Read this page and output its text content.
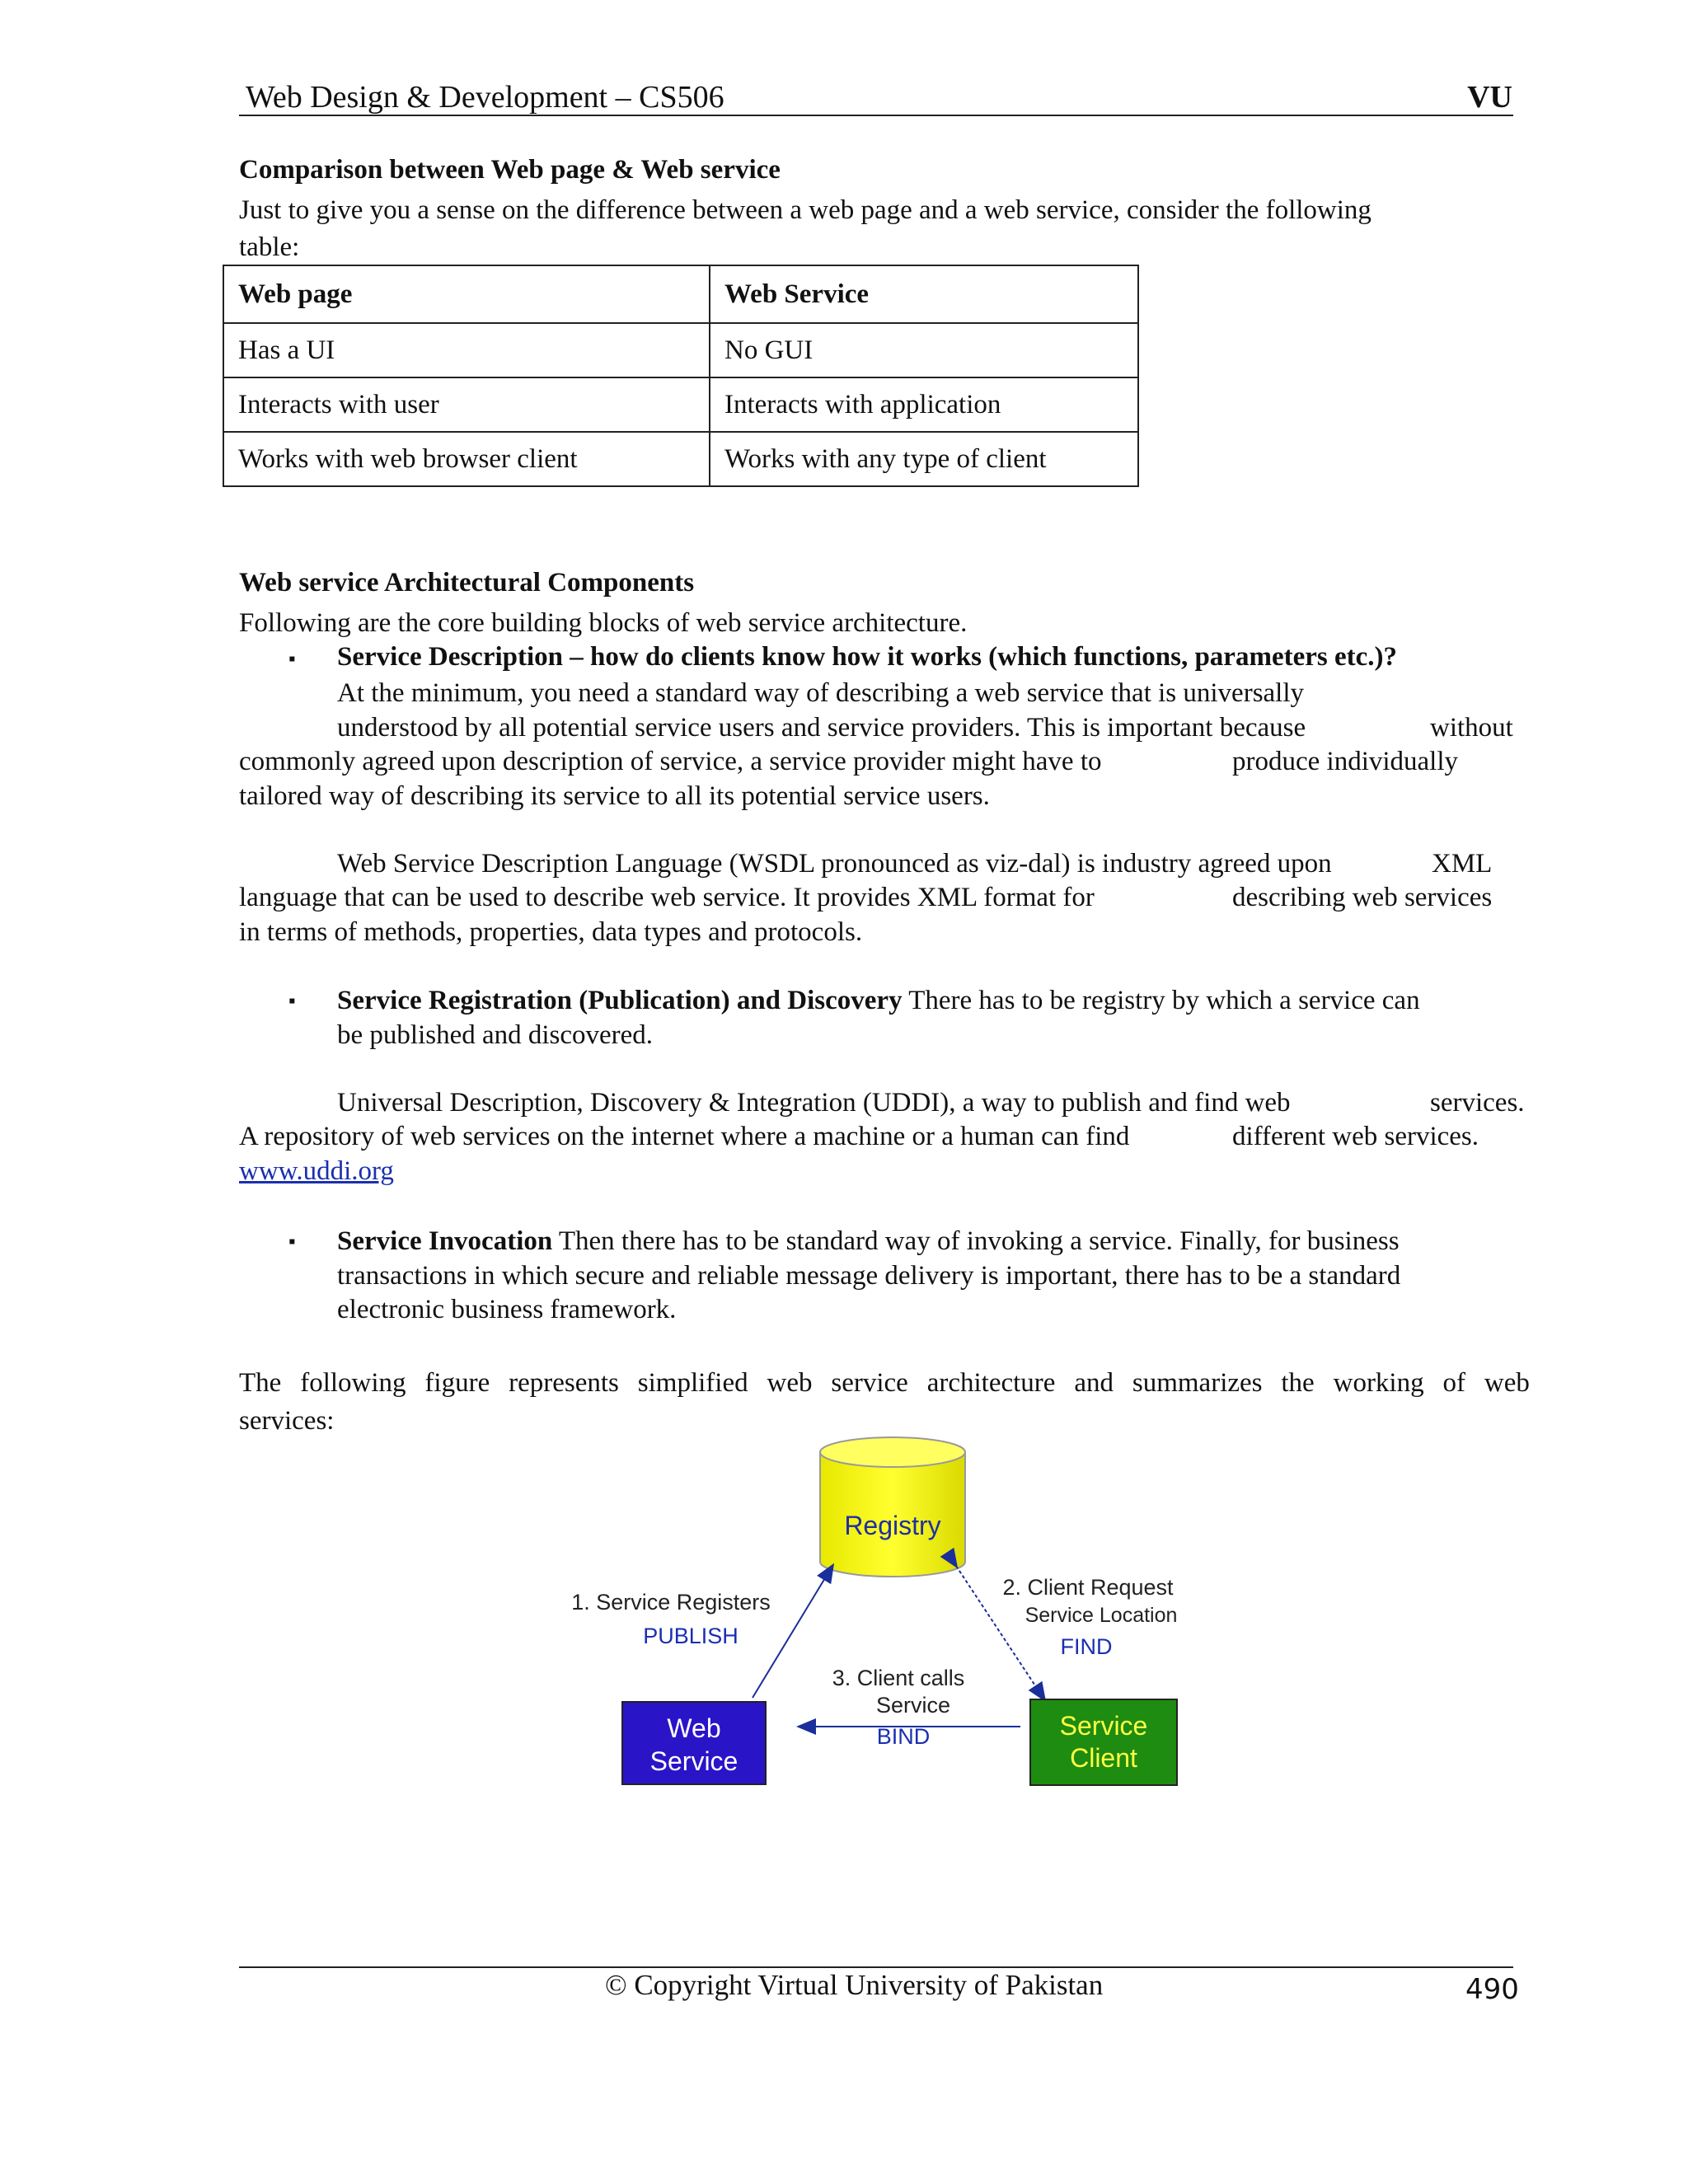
Web Design & Development – CS506	VU
Comparison between Web page & Web service
Just to give you a sense on the difference between a web page and a web service, consider the following
table:
Web page	Web Service
Has a UI	No GUI
Interacts with user	Interacts with application
Works with web browser client	Works with any type of client
Web service Architectural Components
Following are the core building blocks of web service architecture.
▪ Service Description – how do clients know how it works (which functions, parameters etc.)?
At the minimum, you need a standard way of describing a web service that is universally
understood by all potential service users and service providers. This is important because	without
commonly agreed upon description of service, a service provider might have to	produce individually
tailored way of describing its service to all its potential service users.
Web Service Description Language (WSDL pronounced as viz-dal) is industry agreed upon	XML
language that can be used to describe web service. It provides XML format for	describing web services
in terms of methods, properties, data types and protocols.
▪ Service Registration (Publication) and Discovery There has to be registry by which a service can
be published and discovered.
Universal Description, Discovery & Integration (UDDI), a way to publish and find web	services.
A repository of web services on the internet where a machine or a human can find	different web services.
www.uddi.org
▪ Service Invocation Then there has to be standard way of invoking a service. Finally, for business
transactions in which secure and reliable message delivery is important, there has to be a standard
electronic business framework.
The following figure represents simplified web service architecture and summarizes the working of web
services:
Registry
Web
Service
Service
Client
1. Service Registers
PUBLISH
2. Client Request
Service Location
FIND
3. Client calls
Service
BIND
© Copyright Virtual University of Pakistan	490
